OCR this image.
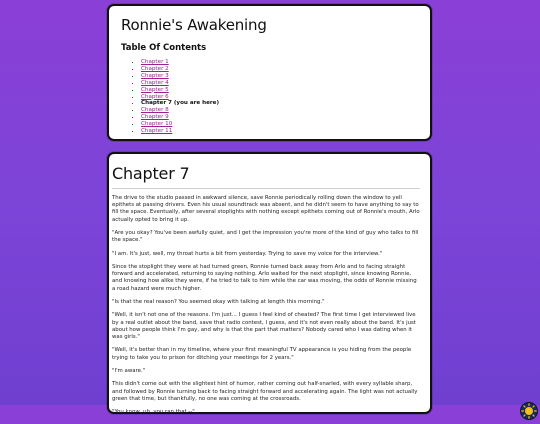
Ronnie's Awakening
Table Of Contents
• Chapter 1
• Chapter 2
• Chapter 3
• Chapter 4
• Chapter 5
• Chapter 6
• Chapter 7 (you are here)
• Chapter 8
• Chapter 9
• Chapter 10
• Chapter 11
Chapter 7

The drive to the studio passed in awkward silence, save Ronnie periodically rolling down the window to yell epithets at passing drivers. Even his usual soundtrack was absent, and he didn't seem to have anything to say to fill the space. Eventually, after several stoplights with nothing except epithets coming out of Ronnie's mouth, Arlo actually opted to bring it up.

"Are you okay? You've been awfully quiet, and I get the impression you're more of the kind of guy who talks to fill the space."

"I am. It's just, well, my throat hurts a bit from yesterday. Trying to save my voice for the interview."

Since the stoplight they were at had turned green, Ronnie turned back away from Arlo and to facing straight forward and accelerated, returning to saying nothing. Arlo waited for the next stoplight, since knowing Ronnie, and knowing how alike they were, if he tried to talk to him while the car was moving, the odds of Ronnie missing a road hazard were much higher.

"Is that the real reason? You seemed okay with talking at length this morning."

"Well, it isn't not one of the reasons. I'm just... I guess I feel kind of cheated? The first time I get interviewed live by a real outlet about the band, save that radio contest, I guess, and it's not even really about the band. It's just about how people think I'm gay, and why is that the part that matters? Nobody cared who I was dating when it was girls."

"Well, it's better than in my timeline, where your first meaningful TV appearance is you hiding from the people trying to take you to prison for ditching your meetings for 2 years."

"I'm aware."

This didn't come out with the slightest hint of humor, rather coming out half-snarled, with every syllable sharp, and followed by Ronnie turning back to facing straight forward and accelerating again. The light was not actually green that time, but thankfully, no one was coming at the crossroads.

"You know, uh, you ran that --"
